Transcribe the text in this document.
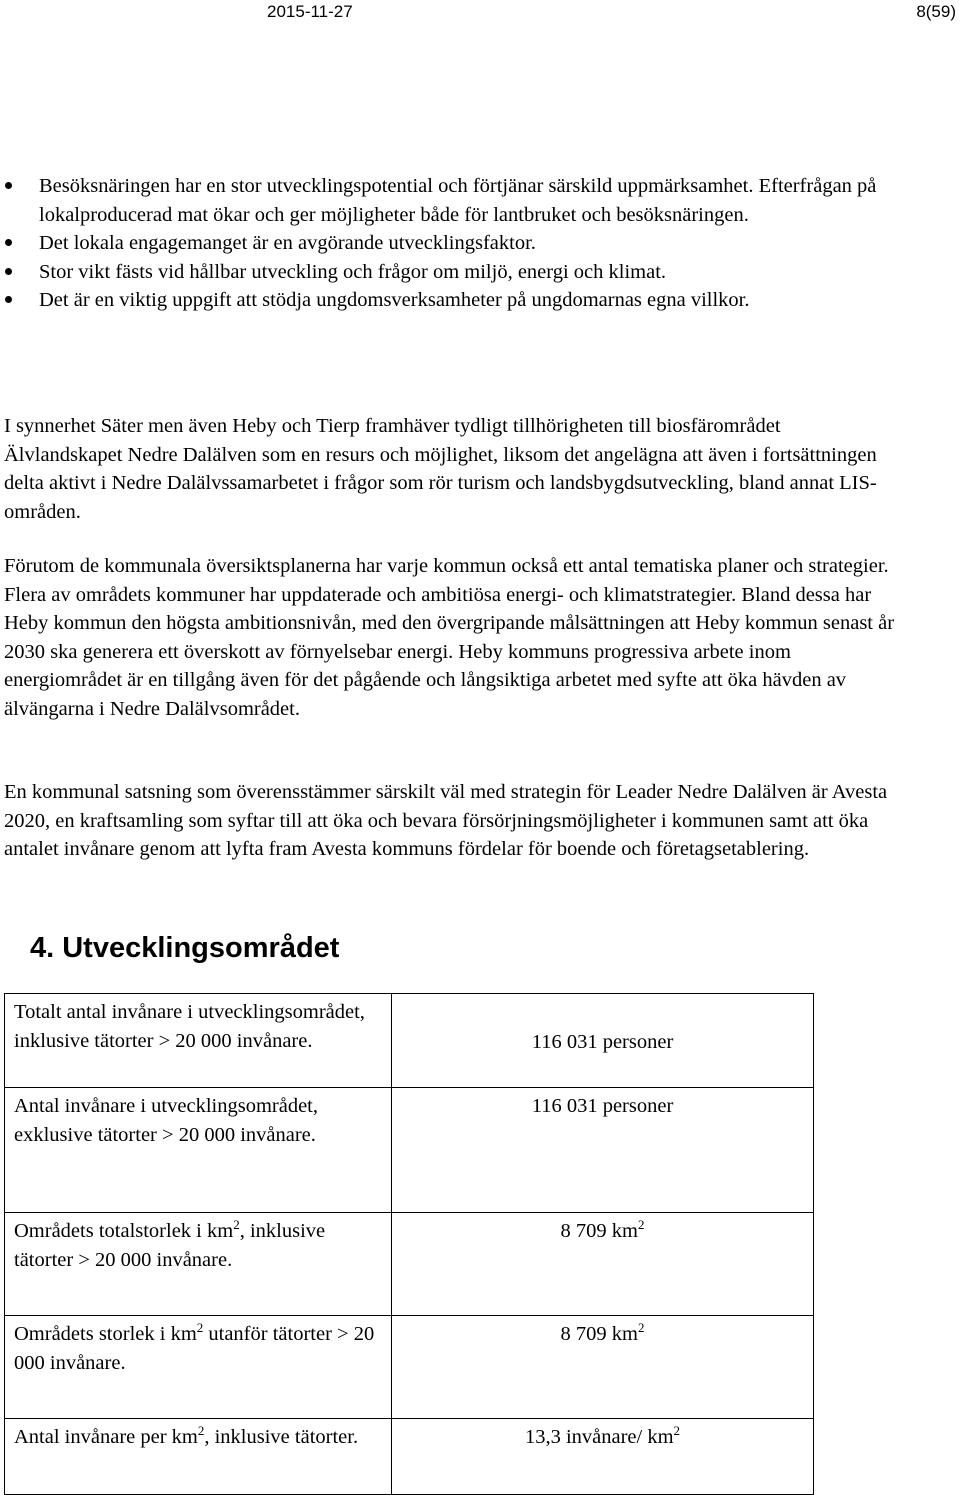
2015-11-27	8(59)
Besöksnäringen har en stor utvecklingspotential och förtjänar särskild uppmärksamhet. Efterfrågan på lokalproducerad mat ökar och ger möjligheter både för lantbruket och besöksnäringen.
Det lokala engagemanget är en avgörande utvecklingsfaktor.
Stor vikt fästs vid hållbar utveckling och frågor om miljö, energi och klimat.
Det är en viktig uppgift att stödja ungdomsverksamheter på ungdomarnas egna villkor.

I synnerhet Säter men även Heby och Tierp framhäver tydligt tillhörigheten till biosfärområdet Älvlandskapet Nedre Dalälven som en resurs och möjlighet, liksom det angelägna att även i fortsättningen delta aktivt i Nedre Dalälvssamarbetet i frågor som rör turism och landsbygdsutveckling, bland annat LIS-områden.

Förutom de kommunala översiktsplanerna har varje kommun också ett antal tematiska planer och strategier. Flera av områdets kommuner har uppdaterade och ambitiösa energi- och klimatstrategier. Bland dessa har Heby kommun den högsta ambitionsnivån, med den övergripande målsättningen att Heby kommun senast år 2030 ska generera ett överskott av förnyelsebar energi. Heby kommuns progressiva arbete inom energiområdet är en tillgång även för det pågående och långsiktiga arbetet med syfte att öka hävden av älvängarna i Nedre Dalälvsområdet.

En kommunal satsning som överensstämmer särskilt väl med strategin för Leader Nedre Dalälven är Avesta 2020, en kraftsamling som syftar till att öka och bevara försörjningsmöjligheter i kommunen samt att öka antalet invånare genom att lyfta fram Avesta kommuns fördelar för boende och företagsetablering.

4. Utvecklingsområdet
Totalt antal invånare i utvecklingsområdet, inklusive tätorter > 20 000 invånare.	116 031 personer
Antal invånare i utvecklingsområdet, exklusive tätorter > 20 000 invånare.	116 031 personer
Områdets totalstorlek i $km^2$, inklusive tätorter > 20 000 invånare.	8 709 $km^2$
Områdets storlek i $km^2$ utanför tätorter > 20 000 invånare.	8 709 $km^2$
Antal invånare per $km^2$, inklusive tätorter.	13,3 invånare/ $km^2$
